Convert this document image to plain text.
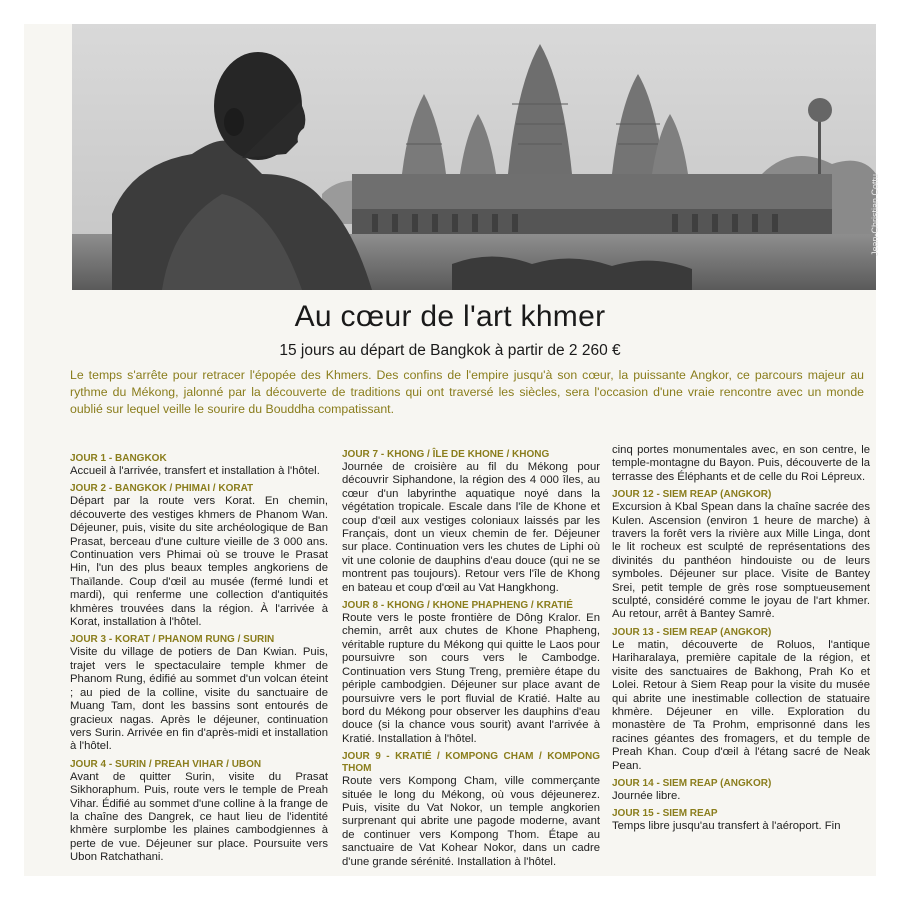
Jean-Christian Cottu
Au cœur de l'art khmer
15 jours au départ de Bangkok à partir de 2 260 €
Le temps s'arrête pour retracer l'épopée des Khmers. Des confins de l'empire jusqu'à son cœur, la puissante Angkor, ce parcours majeur au rythme du Mékong, jalonné par la découverte de traditions qui ont traversé les siècles, sera l'occasion d'une vraie rencontre avec un monde oublié sur lequel veille le sourire du Bouddha compatissant.
JOUR 1 - BANGKOK

Accueil à l'arrivée, transfert et installation à l'hôtel.

JOUR 2 - BANGKOK / PHIMAI / KORAT

Départ par la route vers Korat. En chemin, découverte des vestiges khmers de Phanom Wan. Déjeuner, puis, visite du site archéologique de Ban Prasat, berceau d'une culture vieille de 3 000 ans. Continuation vers Phimai où se trouve le Prasat Hin, l'un des plus beaux temples angkoriens de Thaïlande. Coup d'œil au musée (fermé lundi et mardi), qui renferme une collection d'antiquités khmères trouvées dans la région. À l'arrivée à Korat, installation à l'hôtel.

JOUR 3 - KORAT / PHANOM RUNG / SURIN

Visite du village de potiers de Dan Kwian. Puis, trajet vers le spectaculaire temple khmer de Phanom Rung, édifié au sommet d'un volcan éteint ; au pied de la colline, visite du sanctuaire de Muang Tam, dont les bassins sont entourés de gracieux nagas. Après le déjeuner, continuation vers Surin. Arrivée en fin d'après-midi et installation à l'hôtel.

JOUR 4 - SURIN / PREAH VIHAR / UBON

Avant de quitter Surin, visite du Prasat Sikhoraphum. Puis, route vers le temple de Preah Vihar. Édifié au sommet d'une colline à la frange de la chaîne des Dangrek, ce haut lieu de l'identité khmère surplombe les plaines cambodgiennes à perte de vue. Déjeuner sur place. Poursuite vers Ubon Ratchathani.

JOUR 7 - KHONG / ÎLE DE KHONE / KHONG

Journée de croisière au fil du Mékong pour découvrir Siphandone, la région des 4 000 îles, au cœur d'un labyrinthe aquatique noyé dans la végétation tropicale. Escale dans l'île de Khone et coup d'œil aux vestiges coloniaux laissés par les Français, dont un vieux chemin de fer. Déjeuner sur place. Continuation vers les chutes de Liphi où vit une colonie de dauphins d'eau douce (qui ne se montrent pas toujours). Retour vers l'île de Khong en bateau et coup d'œil au Vat Hangkhong.

JOUR 8 - KHONG / KHONE PHAPHENG / KRATIÉ

Route vers le poste frontière de Dông Kralor. En chemin, arrêt aux chutes de Khone Phapheng, véritable rupture du Mékong qui quitte le Laos pour poursuivre son cours vers le Cambodge. Continuation vers Stung Treng, première étape du périple cambodgien. Déjeuner sur place avant de poursuivre vers le port fluvial de Kratié. Halte au bord du Mékong pour observer les dauphins d'eau douce (si la chance vous sourit) avant l'arrivée à Kratié. Installation à l'hôtel.

JOUR 9 - KRATIÉ / KOMPONG CHAM / KOMPONG THOM

Route vers Kompong Cham, ville commerçante située le long du Mékong, où vous déjeunerez. Puis, visite du Vat Nokor, un temple angkorien surprenant qui abrite une pagode moderne, avant de continuer vers Kompong Thom. Étape au sanctuaire de Vat Kohear Nokor, dans un cadre d'une grande sérénité. Installation à l'hôtel.

cinq portes monumentales avec, en son centre, le temple-montagne du Bayon. Puis, découverte de la terrasse des Éléphants et de celle du Roi Lépreux.

JOUR 12 - SIEM REAP (ANGKOR)

Excursion à Kbal Spean dans la chaîne sacrée des Kulen. Ascension (environ 1 heure de marche) à travers la forêt vers la rivière aux Mille Linga, dont le lit rocheux est sculpté de représentations des divinités du panthéon hindouiste ou de leurs symboles. Déjeuner sur place. Visite de Bantey Srei, petit temple de grès rose somptueusement sculpté, considéré comme le joyau de l'art khmer. Au retour, arrêt à Bantey Samrè.

JOUR 13 - SIEM REAP (ANGKOR)

Le matin, découverte de Roluos, l'antique Hariharalaya, première capitale de la région, et visite des sanctuaires de Bakhong, Prah Ko et Lolei. Retour à Siem Reap pour la visite du musée qui abrite une inestimable collection de statuaire khmère. Déjeuner en ville. Exploration du monastère de Ta Prohm, emprisonné dans les racines géantes des fromagers, et du temple de Preah Khan. Coup d'œil à l'étang sacré de Neak Pean.

JOUR 14 - SIEM REAP (ANGKOR)

Journée libre.

JOUR 15 - SIEM REAP

Temps libre jusqu'au transfert à l'aéroport. Fin
